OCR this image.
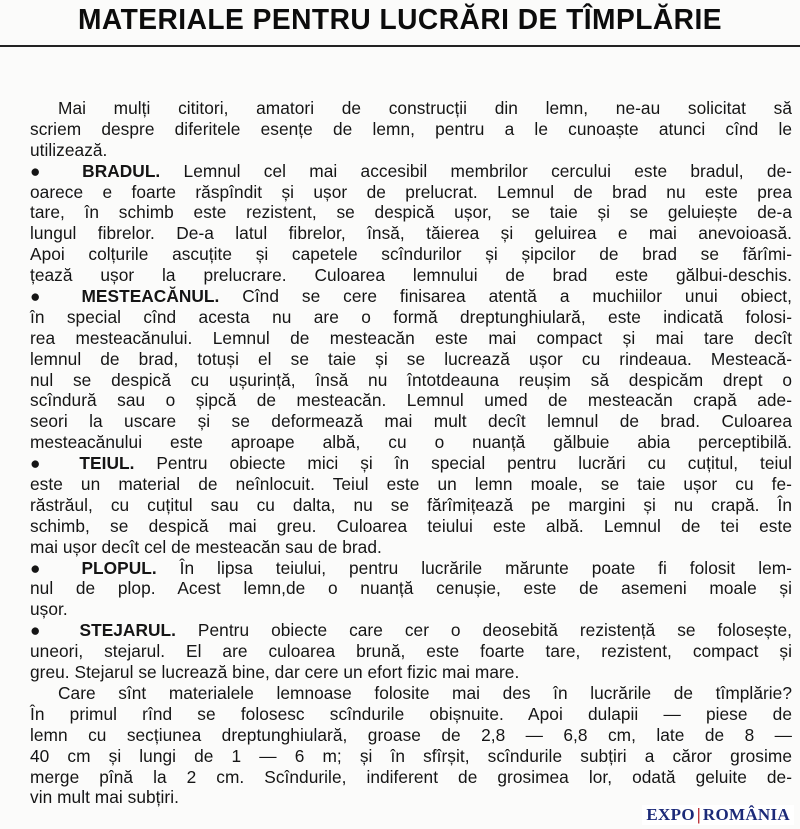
MATERIALE PENTRU LUCRĂRI DE TÎMPLĂRIE
Mai mulți cititori, amatori de construcții din lemn, ne-au solicitat să
scriem despre diferitele esențe de lemn, pentru a le cunoaște atunci cînd le
utilizează.
● BRADUL. Lemnul cel mai accesibil membrilor cercului este bradul, de-
oarece e foarte răspîndit și ușor de prelucrat. Lemnul de brad nu este prea
tare, în schimb este rezistent, se despică ușor, se taie și se geluiește de-a
lungul fibrelor. De-a latul fibrelor, însă, tăierea și geluirea e mai anevoioasă.
Apoi colțurile ascuțite și capetele scîndurilor și șipcilor de brad se fărîmi-
țează ușor la prelucrare. Culoarea lemnului de brad este gălbui-deschis.
● MESTEACĂNUL. Cînd se cere finisarea atentă a muchiilor unui obiect,
în special cînd acesta nu are o formă dreptunghiulară, este indicată folosi-
rea mesteacănului. Lemnul de mesteacăn este mai compact și mai tare decît
lemnul de brad, totuși el se taie și se lucrează ușor cu rindeaua. Mesteacă-
nul se despică cu ușurință, însă nu întotdeauna reușim să despicăm drept o
scîndură sau o șipcă de mesteacăn. Lemnul umed de mesteacăn crapă ade-
seori la uscare și se deformează mai mult decît lemnul de brad. Culoarea
mesteacănului este aproape albă, cu o nuanță gălbuie abia perceptibilă.
● TEIUL. Pentru obiecte mici și în special pentru lucrări cu cuțitul, teiul
este un material de neînlocuit. Teiul este un lemn moale, se taie ușor cu fe-
răstrăul, cu cuțitul sau cu dalta, nu se fărîmițează pe margini și nu crapă. În
schimb, se despică mai greu. Culoarea teiului este albă. Lemnul de tei este
mai ușor decît cel de mesteacăn sau de brad.
● PLOPUL. În lipsa teiului, pentru lucrările mărunte poate fi folosit lem-
nul de plop. Acest lemn,de o nuanță cenușie, este de asemeni moale și
ușor.
● STEJARUL. Pentru obiecte care cer o deosebită rezistență se folosește,
uneori, stejarul. El are culoarea brună, este foarte tare, rezistent, compact și
greu. Stejarul se lucrează bine, dar cere un efort fizic mai mare.
Care sînt materialele lemnoase folosite mai des în lucrările de tîmplărie?
În primul rînd se folosesc scîndurile obișnuite. Apoi dulapii — piese de
lemn cu secțiunea dreptunghiulară, groase de 2,8 — 6,8 cm, late de 8 —
40 cm și lungi de 1 — 6 m; și în sfîrșit, scîndurile subțiri a căror grosime
merge pînă la 2 cm. Scîndurile, indiferent de grosimea lor, odată geluite de-
vin mult mai subțiri.
EXPO | ROMÂNIA
